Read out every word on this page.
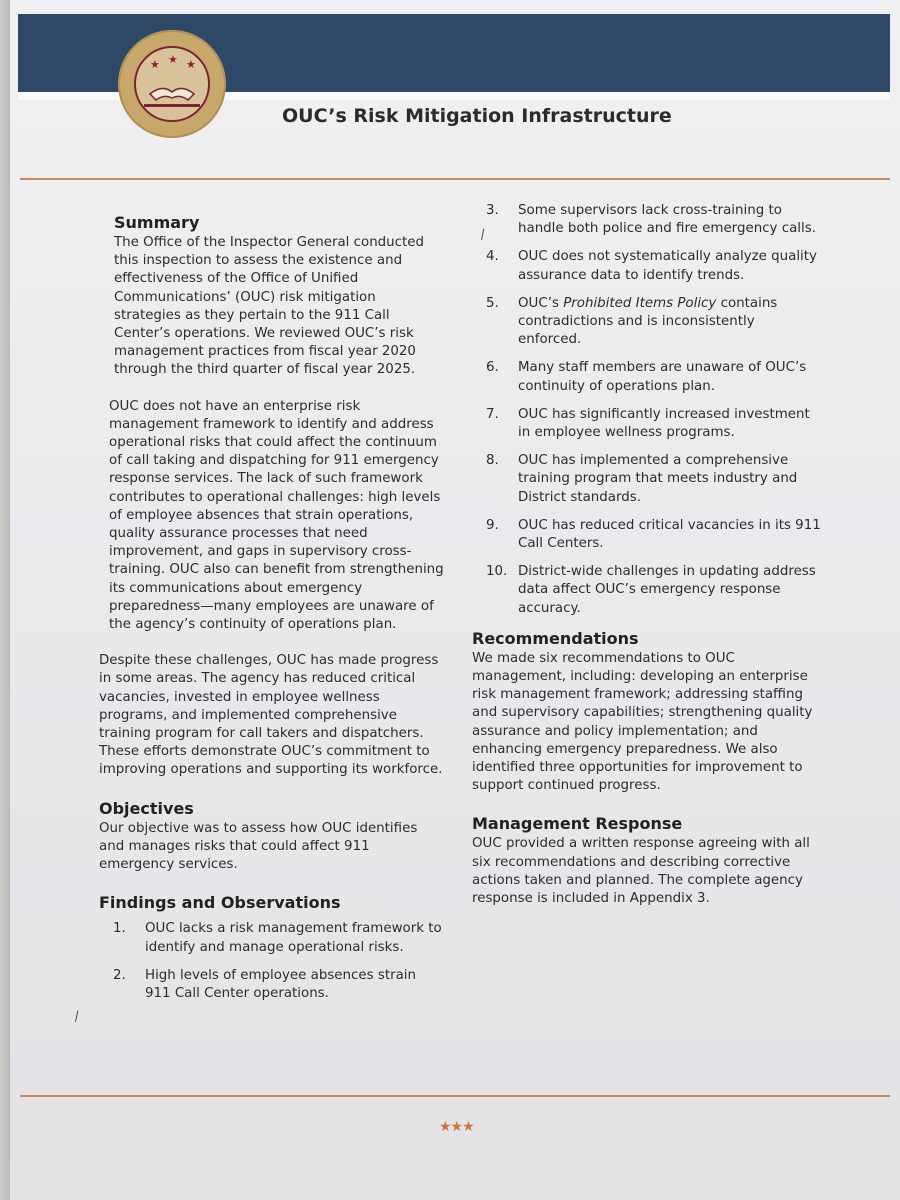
★ ★ ★
OUC’s Risk Mitigation Infrastructure
Summary

The Office of the Inspector General conducted this inspection to assess the existence and effectiveness of the Office of Unified Communications’ (OUC) risk mitigation strategies as they pertain to the 911 Call Center’s operations. We reviewed OUC’s risk management practices from fiscal year 2020 through the third quarter of fiscal year 2025.

OUC does not have an enterprise risk management framework to identify and address operational risks that could affect the continuum of call taking and dispatching for 911 emergency response services. The lack of such framework contributes to operational challenges: high levels of employee absences that strain operations, quality assurance processes that need improvement, and gaps in supervisory cross-training. OUC also can benefit from strengthening its communications about emergency preparedness—many employees are unaware of the agency’s continuity of operations plan.

Despite these challenges, OUC has made progress in some areas. The agency has reduced critical vacancies, invested in employee wellness programs, and implemented comprehensive training program for call takers and dispatchers. These efforts demonstrate OUC’s commitment to improving operations and supporting its workforce.

Objectives

Our objective was to assess how OUC identifies and manages risks that could affect 911 emergency services.

Findings and Observations
1.	OUC lacks a risk management framework to identify and manage operational risks.
2.	High levels of employee absences strain 911 Call Center operations.
3.	Some supervisors lack cross-training to handle both police and fire emergency calls.
4.	OUC does not systematically analyze quality assurance data to identify trends.
5.	OUC’s Prohibited Items Policy contains contradictions and is inconsistently enforced.
6.	Many staff members are unaware of OUC’s continuity of operations plan.
7.	OUC has significantly increased investment in employee wellness programs.
8.	OUC has implemented a comprehensive training program that meets industry and District standards.
9.	OUC has reduced critical vacancies in its 911 Call Centers.
10. District-wide challenges in updating address data affect OUC’s emergency response accuracy.
Recommendations

We made six recommendations to OUC management, including: developing an enterprise risk management framework; addressing staffing and supervisory capabilities; strengthening quality assurance and policy implementation; and enhancing emergency preparedness. We also identified three opportunities for improvement to support continued progress.

Management Response

OUC provided a written response agreeing with all six recommendations and describing corrective actions taken and planned. The complete agency response is included in Appendix 3.

⁄
⁄
★★★
